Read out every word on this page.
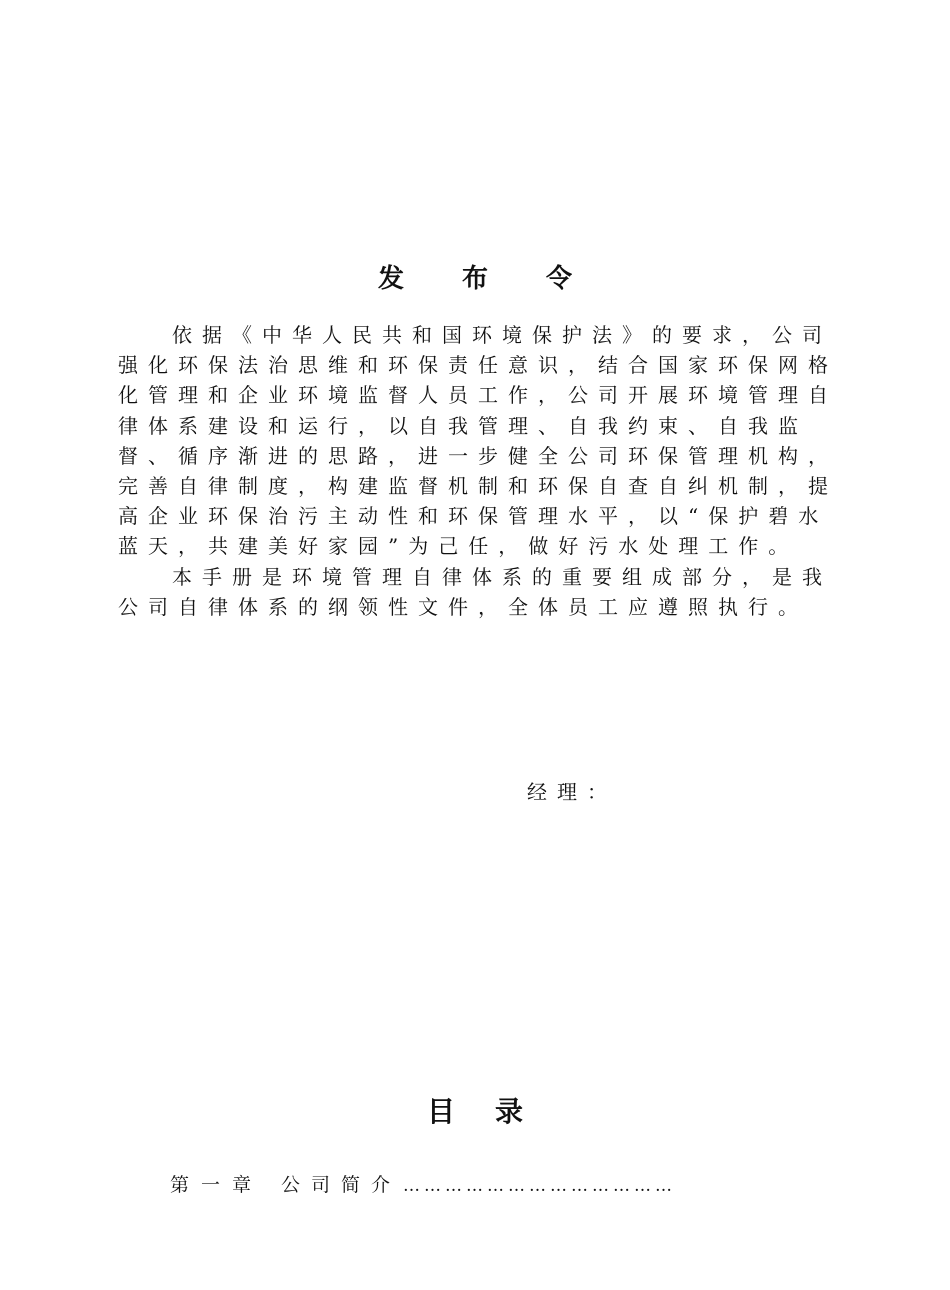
发布令

依据《中华人民共和国环境保护法》的要求，公司强化环保法治思维和环保责任意识，结合国家环保网格化管理和企业环境监督人员工作，公司开展环境管理自律体系建设和运行，以自我管理、自我约束、自我监督、循序渐进的思路，进一步健全公司环保管理机构，完善自律制度，构建监督机制和环保自查自纠机制，提高企业环保治污主动性和环保管理水平，以“保护碧水蓝天，共建美好家园”为己任，做好污水处理工作。

本手册是环境管理自律体系的重要组成部分，是我公司自律体系的纲领性文件，全体员工应遵照执行。

经理：
目录
第一章 公司简介 …………………………………
